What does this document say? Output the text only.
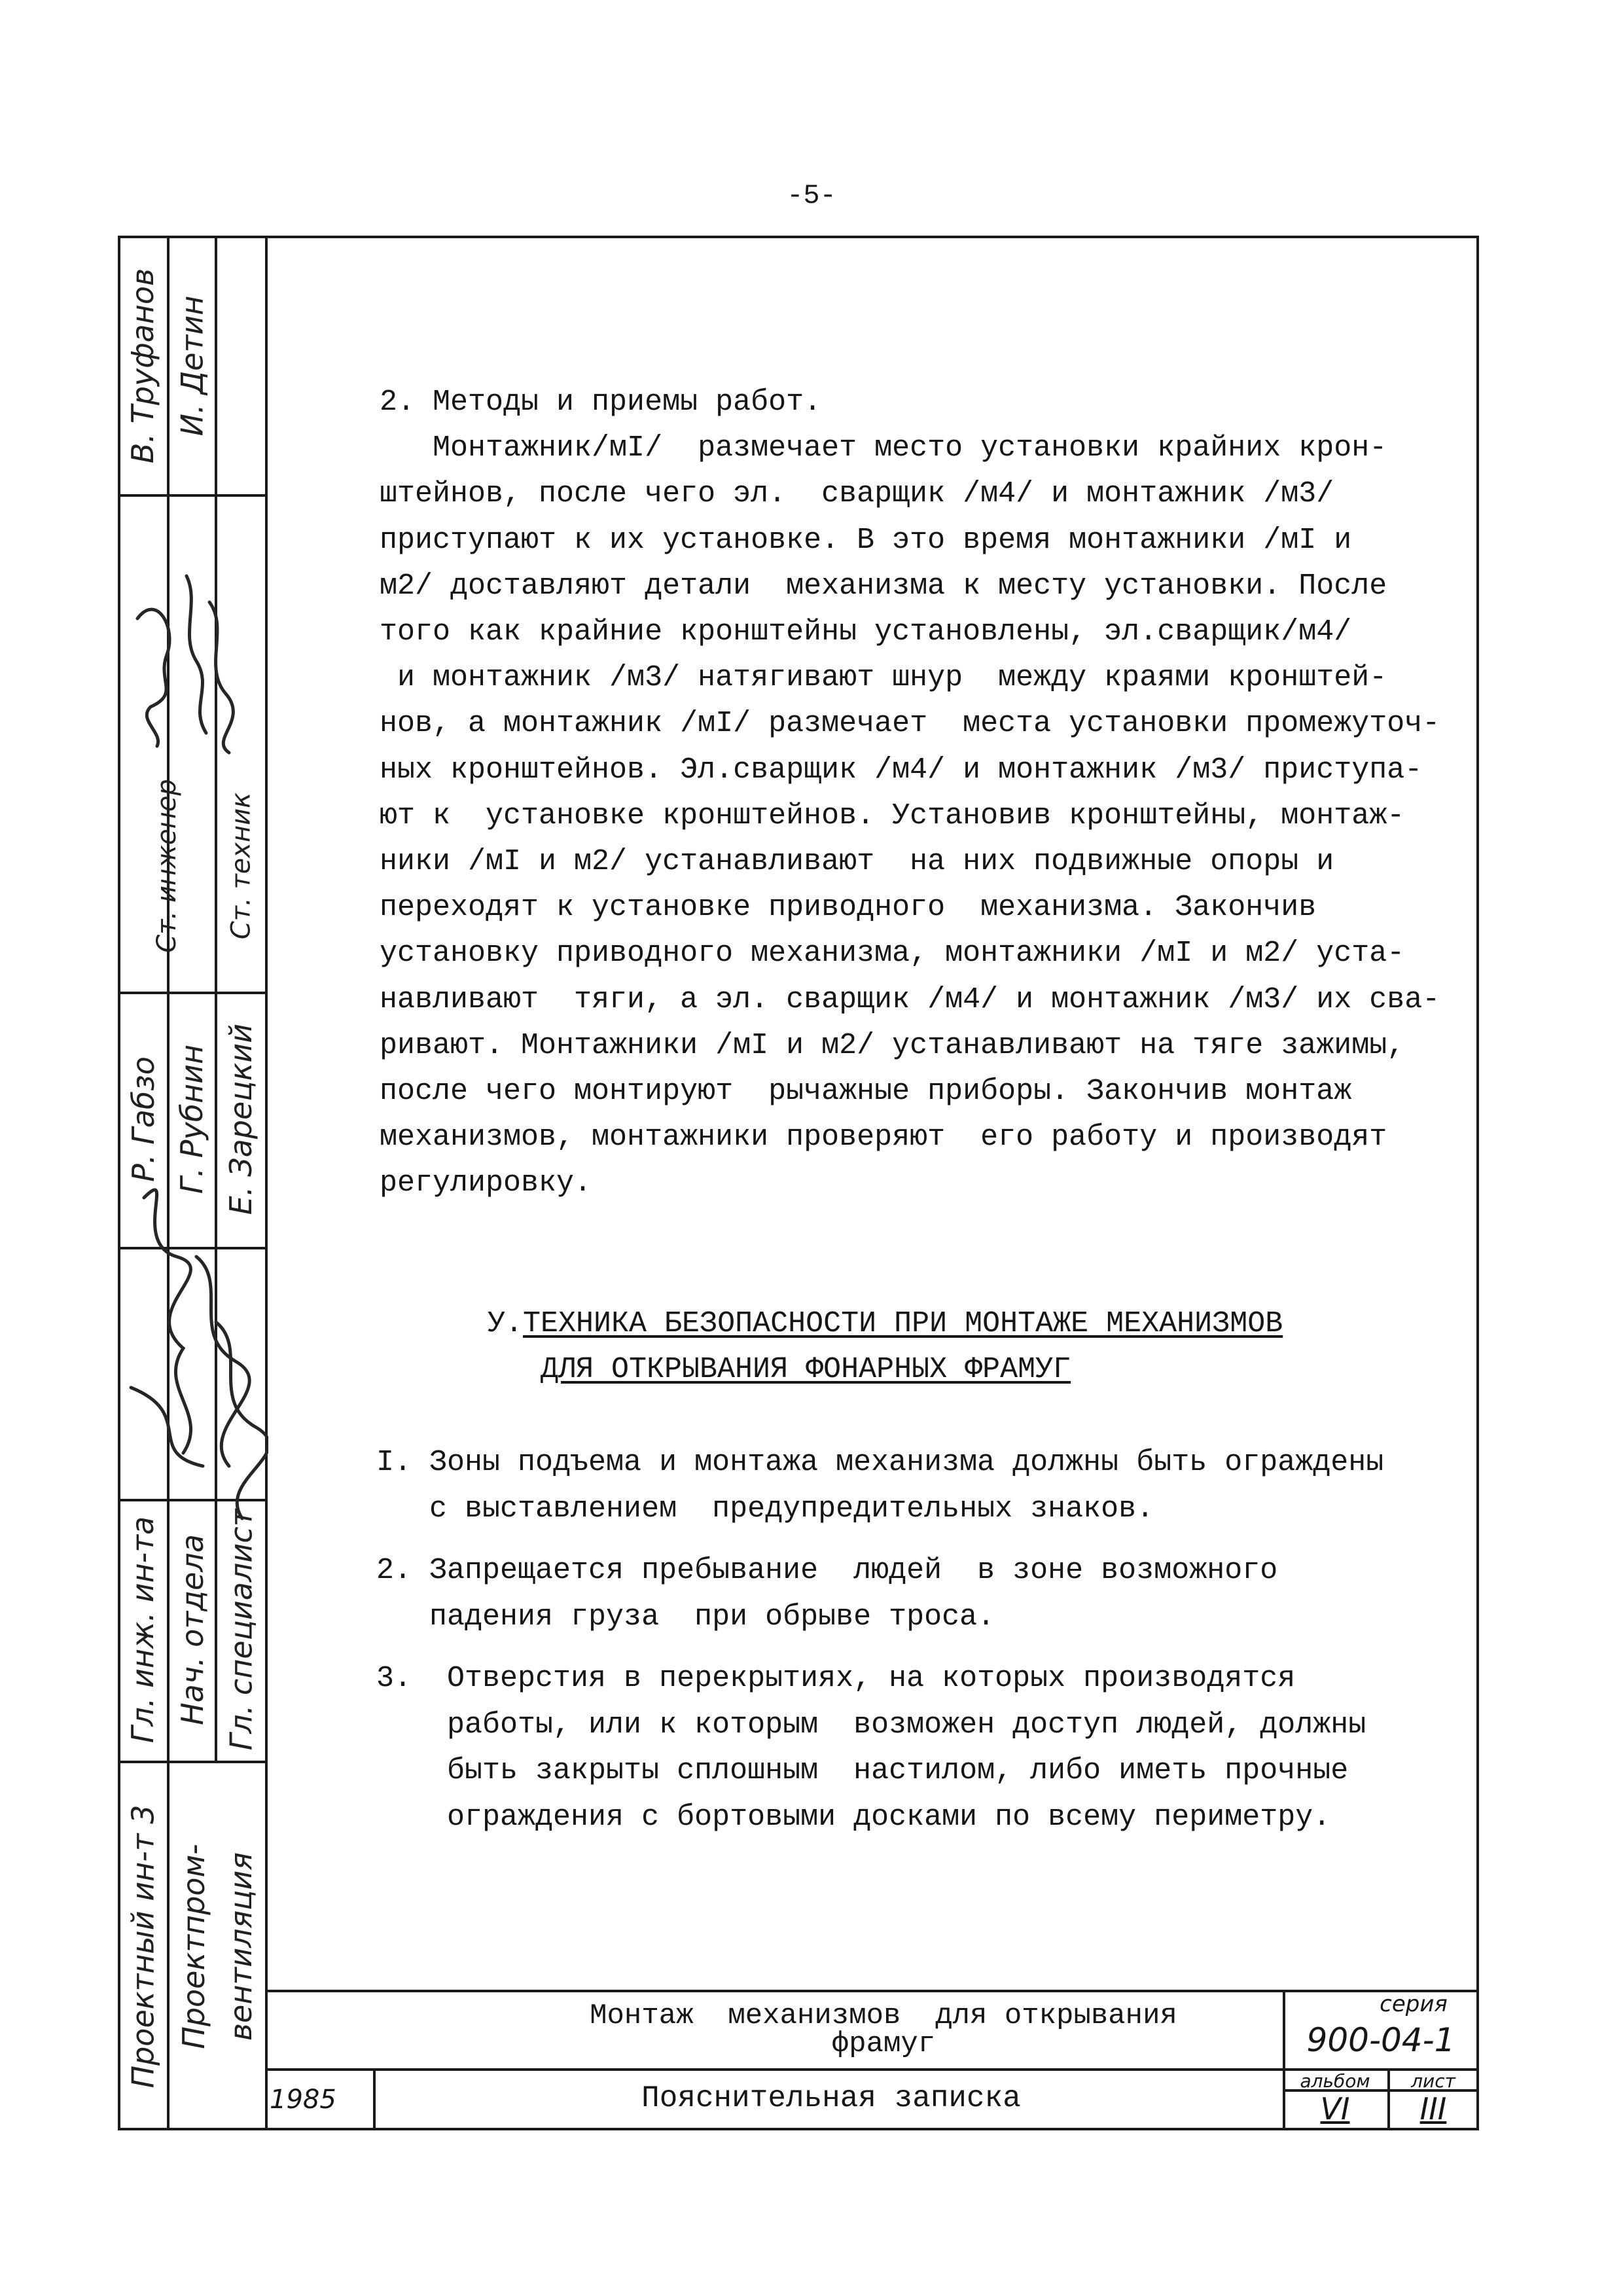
-5-
В. Труфанов
Р. Габзо
Гл. инж. ин-та
И. Детин
Ст. инженер
Г. Рубнин
Нач. отдела
Ст. техник
Е. Зарецкий
Гл. специалист
Проектный ин-т 3 Проектпром- вентиляция
2. Методы и приемы работ.
Монтажник/мI/  размечает место установки крайних крон-
штейнов, после чего эл.  сварщик /м4/ и монтажник /м3/
приступают к их установке. В это время монтажники /мI и
м2/ доставляют детали  механизма к месту установки. После
того как крайние кронштейны установлены, эл.сварщик/м4/
и монтажник /м3/ натягивают шнур  между краями кронштей-
нов, а монтажник /мI/ размечает  места установки промежуточ-
ных кронштейнов. Эл.сварщик /м4/ и монтажник /м3/ приступа-
ют к  установке кронштейнов. Установив кронштейны, монтаж-
ники /мI и м2/ устанавливают  на них подвижные опоры и
переходят к установке приводного  механизма. Закончив
установку приводного механизма, монтажники /мI и м2/ уста-
навливают  тяги, а эл. сварщик /м4/ и монтажник /м3/ их сва-
ривают. Монтажники /мI и м2/ устанавливают на тяге зажимы,
после чего монтируют  рычажные приборы. Закончив монтаж
механизмов, монтажники проверяют  его работу и производят
регулировку.
У.ТЕХНИКА БЕЗОПАСНОСТИ ПРИ МОНТАЖЕ МЕХАНИЗМОВ
ДЛЯ ОТКРЫВАНИЯ ФОНАРНЫХ ФРАМУГ
I. Зоны подъема и монтажа механизма должны быть ограждены
с выставлением  предупредительных знаков.
2. Запрещается пребывание  людей  в зоне возможного
падения груза  при обрыве троса.
3.  Отверстия в перекрытиях, на которых производятся
работы, или к которым  возможен доступ людей, должны
быть закрыты сплошным  настилом, либо иметь прочные
ограждения с бортовыми досками по всему периметру.
Монтаж  механизмов  для открывания
фрамуг
Пояснительная записка
1985
серия
900-04-1
альбом	лист
VI	III
